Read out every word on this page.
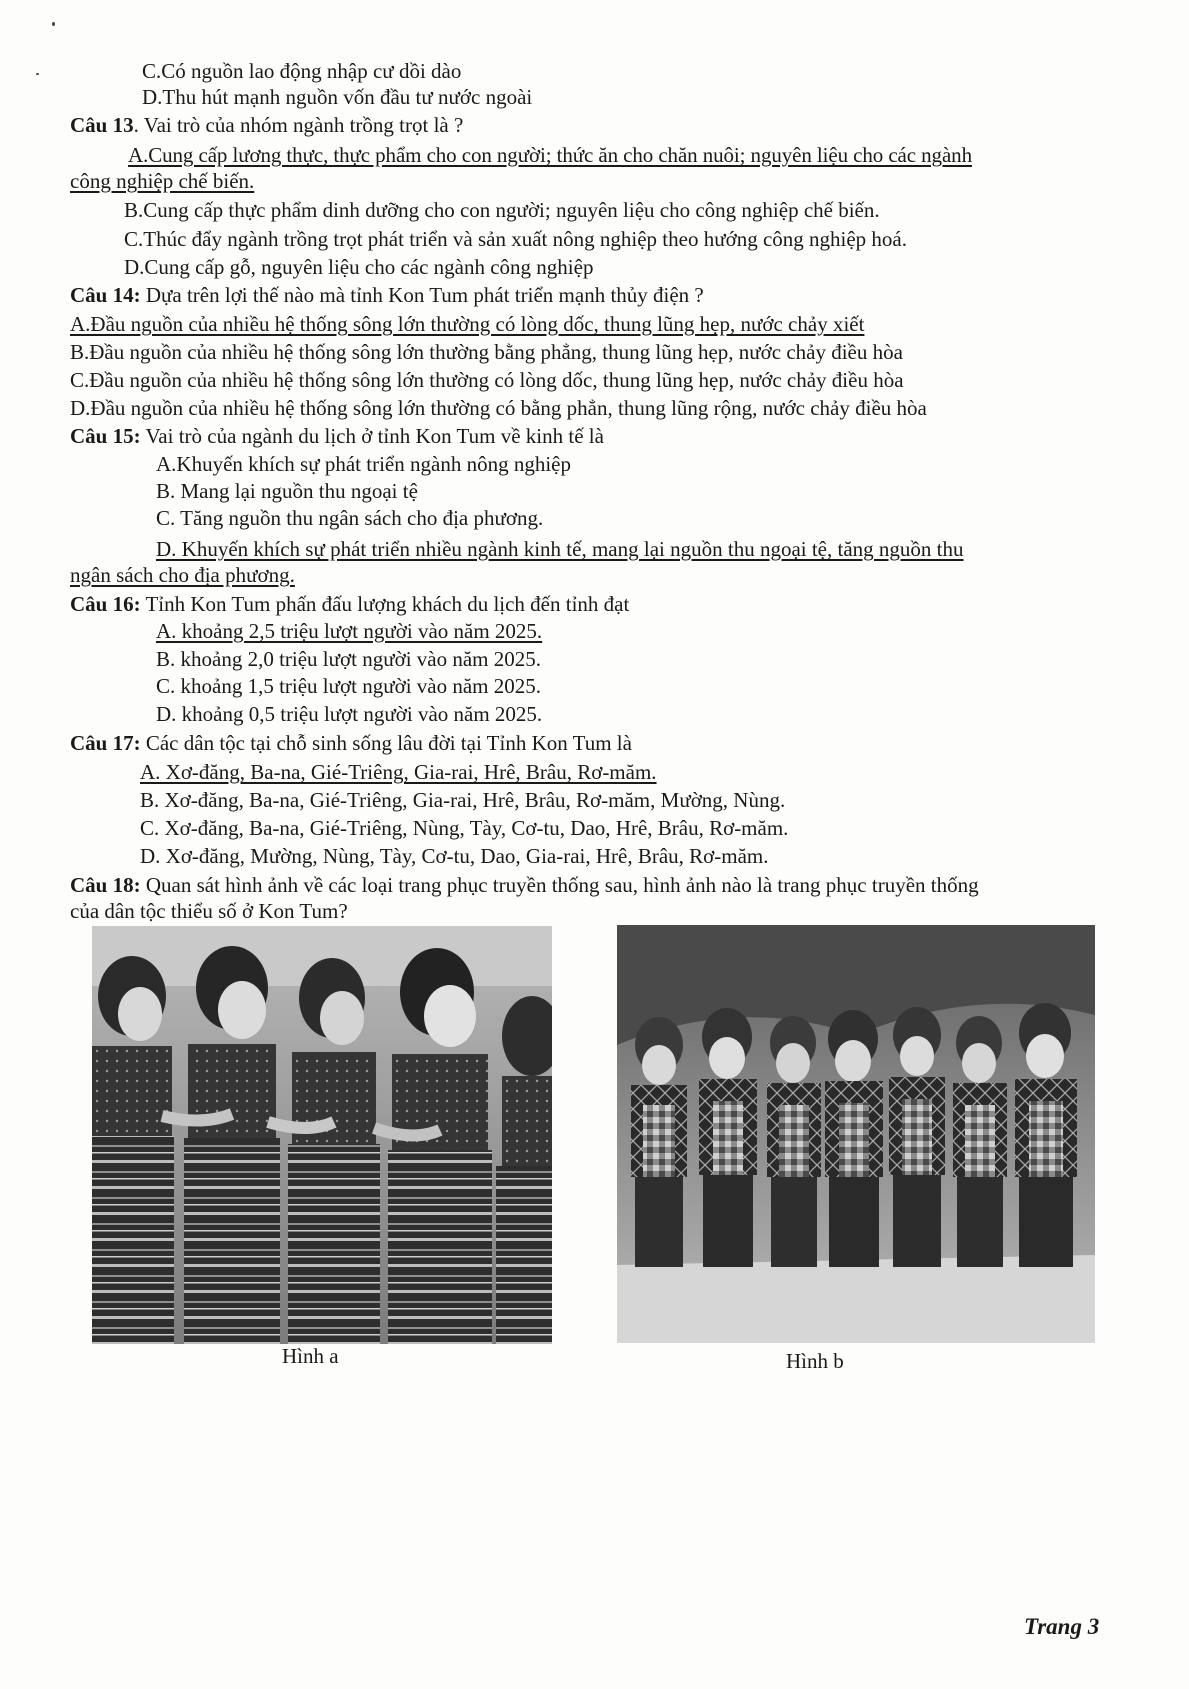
C.Có nguồn lao động nhập cư dồi dào
D.Thu hút mạnh nguồn vốn đầu tư nước ngoài
Câu 13. Vai trò của nhóm ngành trồng trọt là ?
A.Cung cấp lương thực, thực phẩm cho con người; thức ăn cho chăn nuôi; nguyên liệu cho các ngành
công nghiệp chế biến.
B.Cung cấp thực phẩm dinh dưỡng cho con người; nguyên liệu cho công nghiệp chế biến.
C.Thúc đẩy ngành trồng trọt phát triển và sản xuất nông nghiệp theo hướng công nghiệp hoá.
D.Cung cấp gỗ, nguyên liệu cho các ngành công nghiệp
Câu 14: Dựa trên lợi thế nào mà tỉnh Kon Tum phát triển mạnh thủy điện ?
A.Đầu nguồn của nhiều hệ thống sông lớn thường có lòng dốc, thung lũng hẹp, nước chảy xiết
B.Đầu nguồn của nhiều hệ thống sông lớn thường bằng phẳng, thung lũng hẹp, nước chảy điều hòa
C.Đầu nguồn của nhiều hệ thống sông lớn thường có lòng dốc, thung lũng hẹp, nước chảy điều hòa
D.Đầu nguồn của nhiều hệ thống sông lớn thường có bằng phẳn, thung lũng rộng, nước chảy điều hòa
Câu 15: Vai trò của ngành du lịch ở tỉnh Kon Tum về kinh tế là
A.Khuyến khích sự phát triển ngành nông nghiệp
B. Mang lại nguồn thu ngoại tệ
C. Tăng nguồn thu ngân sách cho địa phương.
D. Khuyến khích sự phát triển nhiều ngành kinh tế, mang lại nguồn thu ngoại tệ, tăng nguồn thu
ngân sách cho địa phương.
Câu 16: Tỉnh Kon Tum phấn đấu lượng khách du lịch đến tỉnh đạt
A. khoảng 2,5 triệu lượt người vào năm 2025.
B. khoảng 2,0 triệu lượt người vào năm 2025.
C. khoảng 1,5 triệu lượt người vào năm 2025.
D. khoảng 0,5 triệu lượt người vào năm 2025.
Câu 17: Các dân tộc tại chỗ sinh sống lâu đời tại Tỉnh Kon Tum là
A. Xơ-đăng, Ba-na, Gié-Triêng, Gia-rai, Hrê, Brâu, Rơ-măm.
B. Xơ-đăng, Ba-na, Gié-Triêng, Gia-rai, Hrê, Brâu, Rơ-măm, Mường, Nùng.
C. Xơ-đăng, Ba-na, Gié-Triêng, Nùng, Tày, Cơ-tu, Dao, Hrê, Brâu, Rơ-măm.
D. Xơ-đăng, Mường, Nùng, Tày, Cơ-tu, Dao, Gia-rai, Hrê, Brâu, Rơ-măm.
Câu 18: Quan sát hình ảnh về các loại trang phục truyền thống sau, hình ảnh nào là trang phục truyền thống
của dân tộc thiểu số ở Kon Tum?
Hình a	Hình b
Trang 3
